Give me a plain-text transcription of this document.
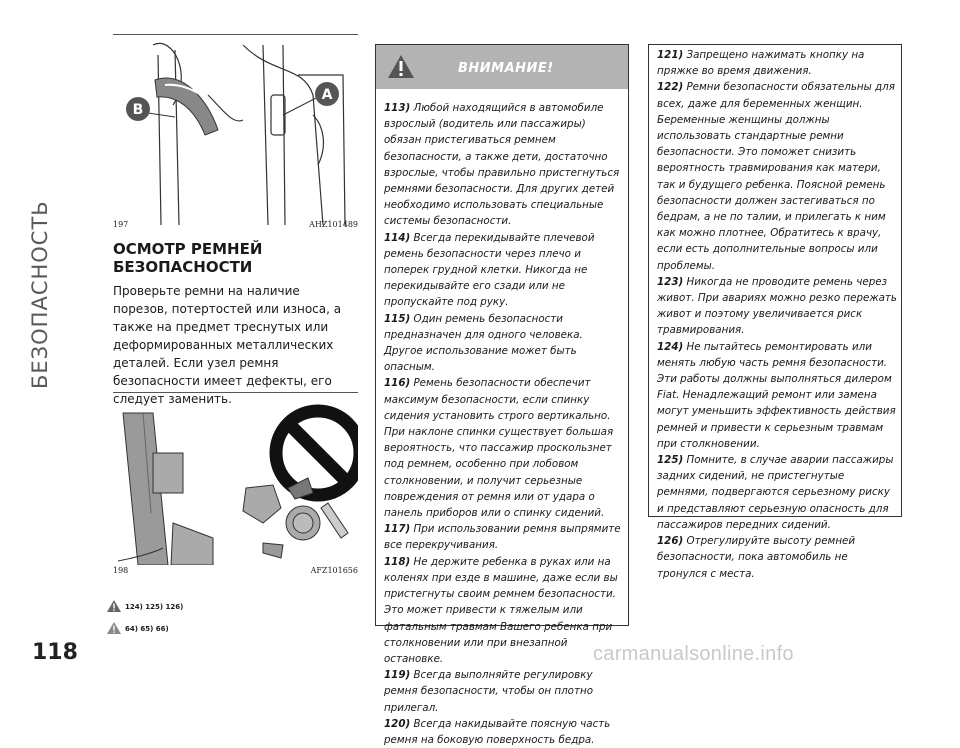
БЕЗОПАСНОСТЬ
B
A
197	AHZ101489
ОСМОТР РЕМНЕЙ
БЕЗОПАСНОСТИ
Проверьте ремни на наличие порезов, потертостей или износа, а также на предмет треснутых или деформированных металлических деталей. Если узел ремня безопасности имеет дефекты, его следует заменить.
198	AFZ101656
124) 125) 126)
64) 65) 66)
ВНИМАНИЕ!

113) Любой находящийся в автомобиле взрослый (водитель или пассажиры) обязан пристегиваться ремнем безопасности, а также дети, достаточно взрослые, чтобы правильно пристегнуться ремнями безопасности. Для других детей необходимо использовать специальные системы безопасности.

114) Всегда перекидывайте плечевой ремень безопасности через плечо и поперек грудной клетки. Никогда не перекидывайте его сзади или не пропускайте под руку.

115) Один ремень безопасности предназначен для одного человека. Другое использование может быть опасным.

116) Ремень безопасности обеспечит максимум безопасности, если спинку сидения установить строго вертикально. При наклоне спинки существует большая вероятность, что пассажир проскользнет под ремнем, особенно при лобовом столкновении, и получит серьезные повреждения от ремня или от удара о панель приборов или о спинку сидений.

117) При использовании ремня выпрямите все перекручивания.

118) Не держите ребенка в руках или на коленях при езде в машине, даже если вы пристегнуты своим ремнем безопасности. Это может привести к тяжелым или фатальным травмам Вашего ребенка при столкновении или при внезапной остановке.

119) Всегда выполняйте регулировку ремня безопасности, чтобы он плотно прилегал.

120) Всегда накидывайте поясную часть ремня на боковую поверхность бедра.

121) Запрещено нажимать кнопку на пряжке во время движения.

122) Ремни безопасности обязательны для всех, даже для беременных женщин. Беременные женщины должны использовать стандартные ремни безопасности. Это поможет снизить вероятность травмирования как матери, так и будущего ребенка. Поясной ремень безопасности должен застегиваться по бедрам, а не по талии, и прилегать к ним как можно плотнее, Обратитесь к врачу, если есть дополнительные вопросы или проблемы.

123) Никогда не проводите ремень через живот. При авариях можно резко пережать живот и поэтому увеличивается риск травмирования.

124) Не пытайтесь ремонтировать или менять любую часть ремня безопасности. Эти работы должны выполняться дилером Fiat. Ненадлежащий ремонт или замена могут уменьшить эффективность действия ремней и привести к серьезным травмам при столкновении.

125) Помните, в случае аварии пассажиры задних сидений, не пристегнутые ремнями, подвергаются серьезному риску и представляют серьезную опасность для пассажиров передних сидений.

126) Отрегулируйте высоту ремней безопасности, пока автомобиль не тронулся с места.

118	carmanualsonline.info
